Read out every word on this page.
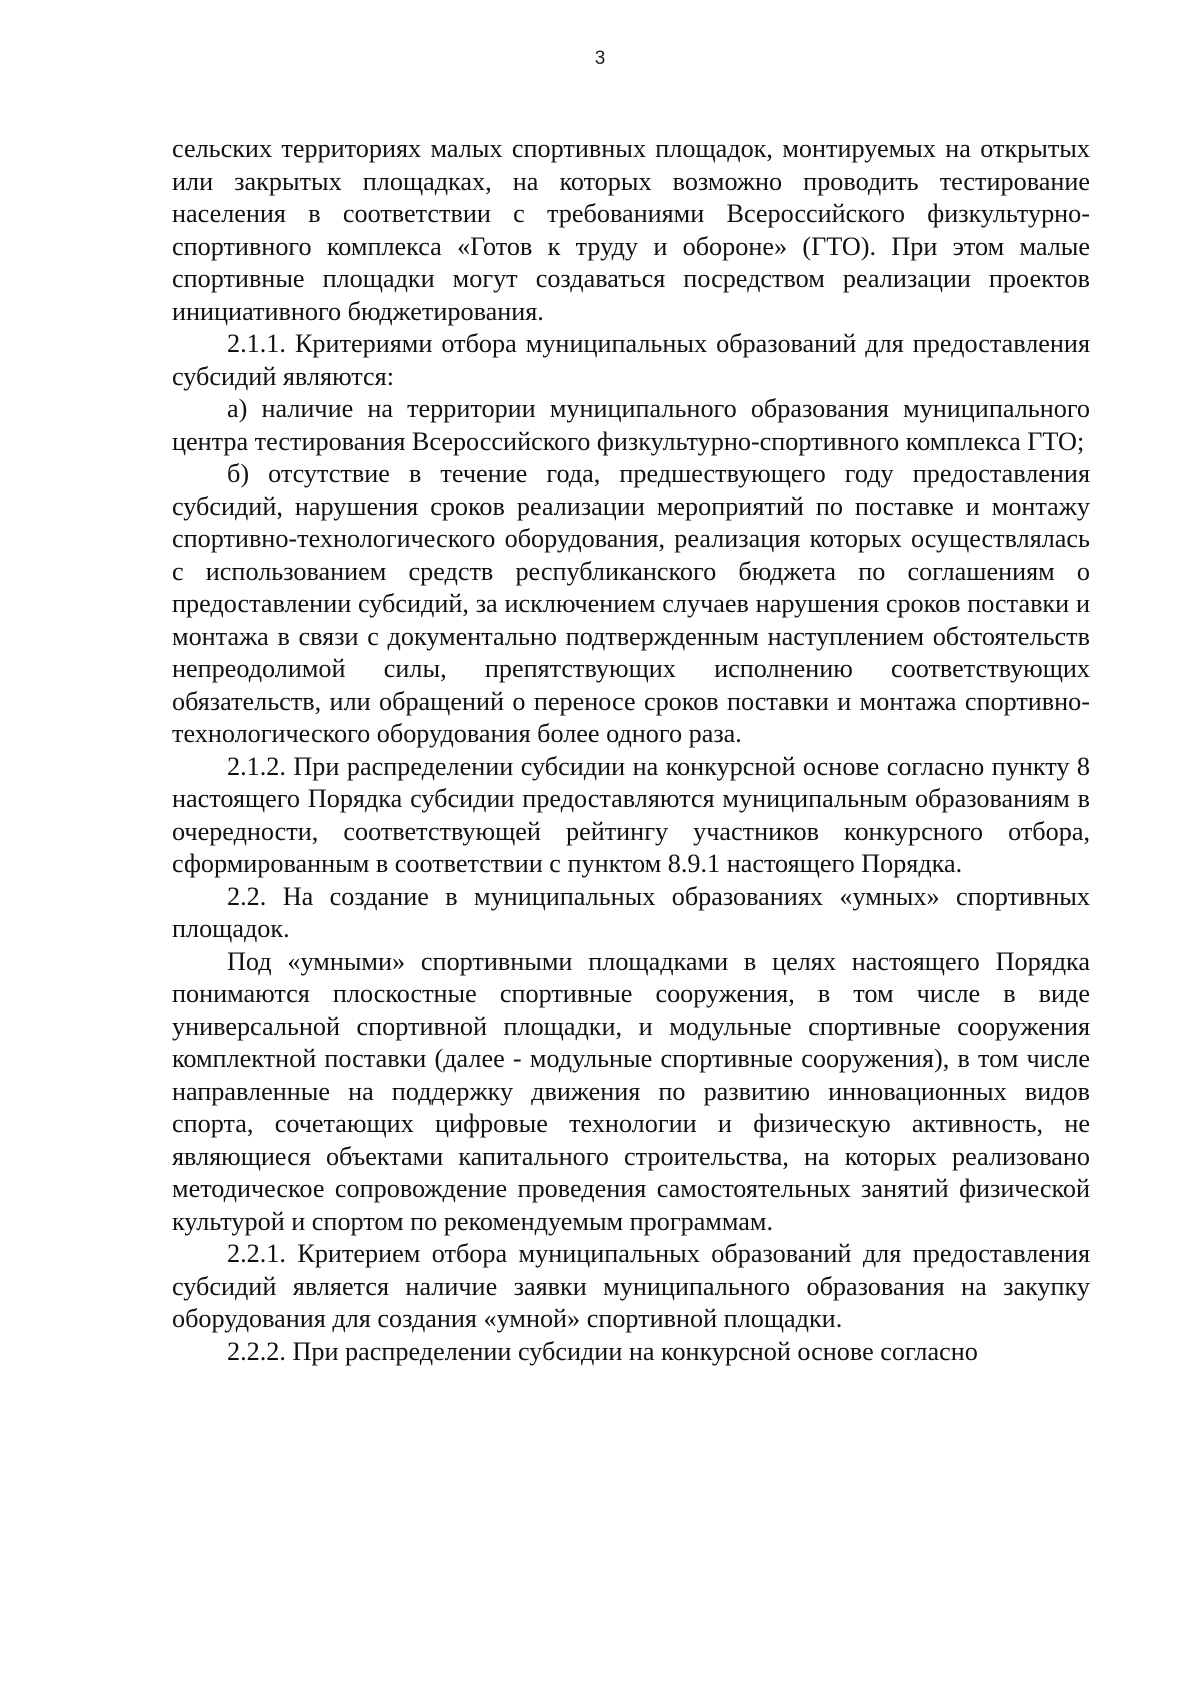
3

сельских территориях малых спортивных площадок, монтируемых на открытых или закрытых площадках, на которых возможно проводить тестирование населения в соответствии с требованиями Всероссийского физкультурно-спортивного комплекса «Готов к труду и обороне» (ГТО). При этом малые спортивные площадки могут создаваться посредством реализации проектов инициативного бюджетирования.

2.1.1. Критериями отбора муниципальных образований для предоставления субсидий являются:

а) наличие на территории муниципального образования муниципального центра тестирования Всероссийского физкультурно-спортивного комплекса ГТО;

б) отсутствие в течение года, предшествующего году предоставления субсидий, нарушения сроков реализации мероприятий по поставке и монтажу спортивно-технологического оборудования, реализация которых осуществлялась с использованием средств республиканского бюджета по соглашениям о предоставлении субсидий, за исключением случаев нарушения сроков поставки и монтажа в связи с документально подтвержденным наступлением обстоятельств непреодолимой силы, препятствующих исполнению соответствующих обязательств, или обращений о переносе сроков поставки и монтажа спортивно-технологического оборудования более одного раза.

2.1.2. При распределении субсидии на конкурсной основе согласно пункту 8 настоящего Порядка субсидии предоставляются муниципальным образованиям в очередности, соответствующей рейтингу участников конкурсного отбора, сформированным в соответствии с пунктом 8.9.1 настоящего Порядка.

2.2. На создание в муниципальных образованиях «умных» спортивных площадок.

Под «умными» спортивными площадками в целях настоящего Порядка понимаются плоскостные спортивные сооружения, в том числе в виде универсальной спортивной площадки, и модульные спортивные сооружения комплектной поставки (далее - модульные спортивные сооружения), в том числе направленные на поддержку движения по развитию инновационных видов спорта, сочетающих цифровые технологии и физическую активность, не являющиеся объектами капитального строительства, на которых реализовано методическое сопровождение проведения самостоятельных занятий физической культурой и спортом по рекомендуемым программам.

2.2.1. Критерием отбора муниципальных образований для предоставления субсидий является наличие заявки муниципального образования на закупку оборудования для создания «умной» спортивной площадки.

2.2.2. При распределении субсидии на конкурсной основе согласно
